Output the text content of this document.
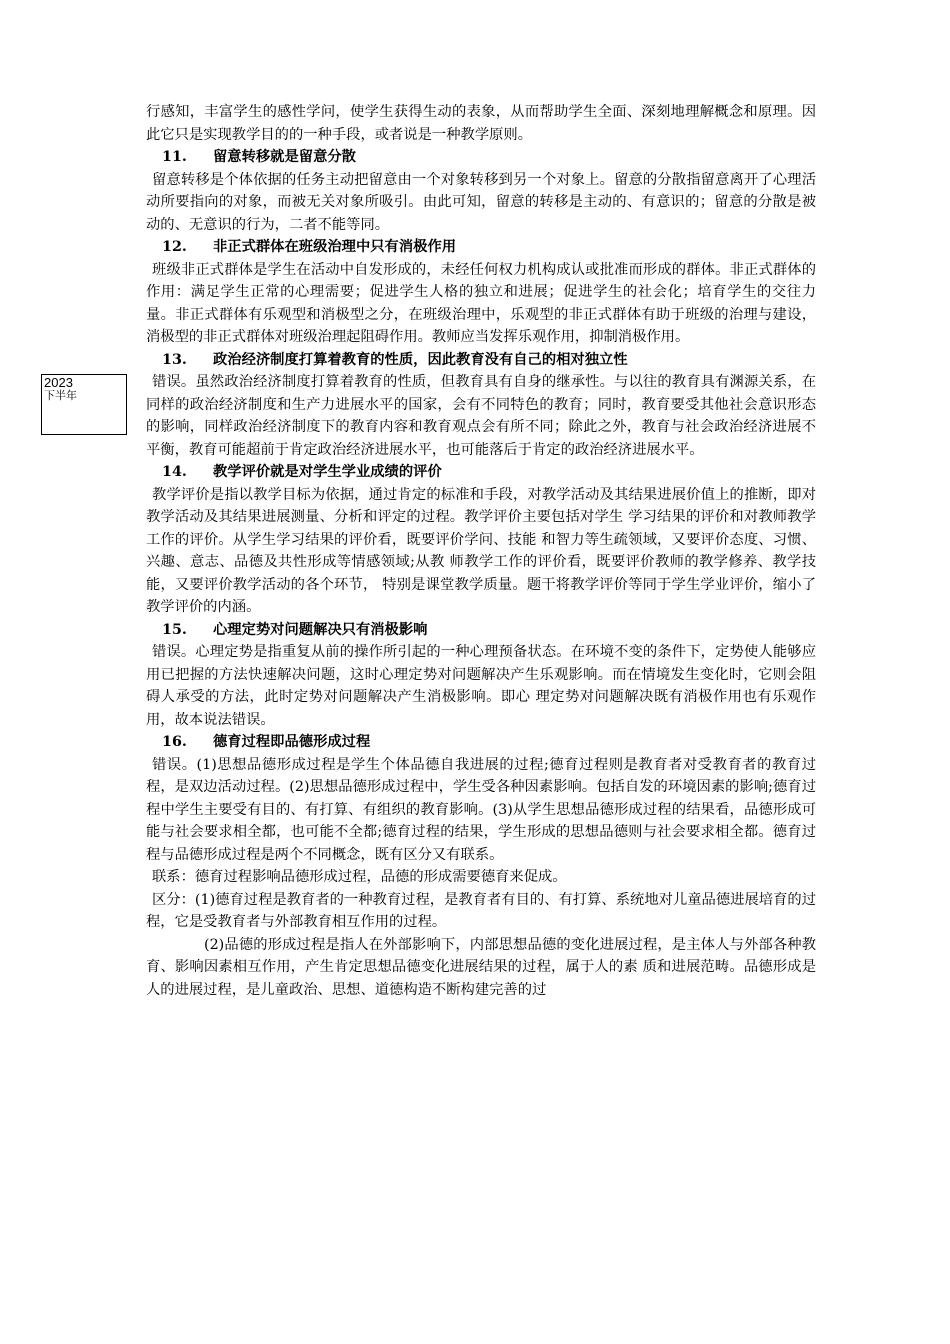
2023
下半年

行感知，丰富学生的感性学问，使学生获得生动的表象，从而帮助学生全面、深刻地理解概念和原理。因此它只是实现教学目的的一种手段，或者说是一种教学原则。

11. 留意转移就是留意分散

留意转移是个体依据的任务主动把留意由一个对象转移到另一个对象上。留意的分散指留意离开了心理活动所要指向的对象，而被无关对象所吸引。由此可知，留意的转移是主动的、有意识的；留意的分散是被动的、无意识的行为，二者不能等同。

12. 非正式群体在班级治理中只有消极作用

班级非正式群体是学生在活动中自发形成的，未经任何权力机构成认或批准而形成的群体。非正式群体的作用：满足学生正常的心理需要；促进学生人格的独立和进展；促进学生的社会化；培育学生的交往力量。非正式群体有乐观型和消极型之分，在班级治理中，乐观型的非正式群体有助于班级的治理与建设，消极型的非正式群体对班级治理起阻碍作用。教师应当发挥乐观作用，抑制消极作用。

13. 政治经济制度打算着教育的性质，因此教育没有自己的相对独立性

错误。虽然政治经济制度打算着教育的性质，但教育具有自身的继承性。与以往的教育具有渊源关系，在同样的政治经济制度和生产力进展水平的国家，会有不同特色的教育；同时，教育要受其他社会意识形态的影响，同样政治经济制度下的教育内容和教育观点会有所不同；除此之外，教育与社会政治经济进展不平衡，教育可能超前于肯定政治经济进展水平，也可能落后于肯定的政治经济进展水平。

14. 教学评价就是对学生学业成绩的评价

教学评价是指以教学目标为依据，通过肯定的标准和手段，对教学活动及其结果进展价值上的推断，即对教学活动及其结果进展测量、分析和评定的过程。教学评价主要包括对学生 学习结果的评价和对教师教学工作的评价。从学生学习结果的评价看，既要评价学问、技能 和智力等生疏领域，又要评价态度、习惯、兴趣、意志、品德及共性形成等情感领域;从教 师教学工作的评价看，既要评价教师的教学修养、教学技能，又要评价教学活动的各个环节， 特别是课堂教学质量。题干将教学评价等同于学生学业评价，缩小了教学评价的内涵。

15. 心理定势对问题解决只有消极影响

错误。心理定势是指重复从前的操作所引起的一种心理预备状态。在环境不变的条件下，定势使人能够应用已把握的方法快速解决问题，这时心理定势对问题解决产生乐观影响。而在情境发生变化时，它则会阻碍人承受的方法，此时定势对问题解决产生消极影响。即心 理定势对问题解决既有消极作用也有乐观作用，故本说法错误。

16. 德育过程即品德形成过程

错误。(1)思想品德形成过程是学生个体品德自我进展的过程;德育过程则是教育者对受教育者的教育过程，是双边活动过程。(2)思想品德形成过程中，学生受各种因素影响。包括自发的环境因素的影响;德育过程中学生主要受有目的、有打算、有组织的教育影响。(3)从学生思想品德形成过程的结果看，品德形成可能与社会要求相全都，也可能不全都;德育过程的结果，学生形成的思想品德则与社会要求相全都。德育过程与品德形成过程是两个不同概念，既有区分又有联系。

联系：德育过程影响品德形成过程，品德的形成需要德育来促成。

区分：(1)德育过程是教育者的一种教育过程，是教育者有目的、有打算、系统地对儿童品德进展培育的过程，它是受教育者与外部教育相互作用的过程。

(2)品德的形成过程是指人在外部影响下，内部思想品德的变化进展过程，是主体人与外部各种教育、影响因素相互作用，产生肯定思想品德变化进展结果的过程，属于人的素 质和进展范畴。品德形成是人的进展过程，是儿童政治、思想、道德构造不断构建完善的过
